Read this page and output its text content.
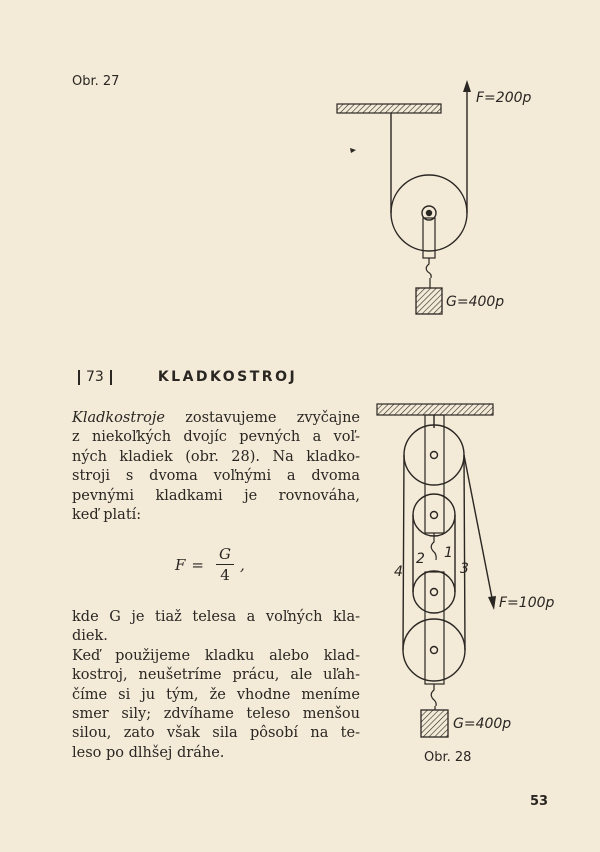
F=200p
G=400p
4
2 1
3
F=100p
G=400p
Obr. 27
Obr. 28
73	KLADKOSTROJ
Kladkostroje zostavujeme zvyčajne
z niekoľkých dvojíc pevných a voľ-
ných kladiek (obr. 28). Na kladko-
stroji s dvoma voľnými a dvoma
pevnými kladkami je rovnováha,
keď platí:
$F = \frac{G}{4}$ ,
kde G je tiaž telesa a voľných kla-
diek.
Keď použijeme kladku alebo klad-
kostroj, neušetríme prácu, ale uľah-
číme si ju tým, že vhodne meníme
smer sily; zdvíhame teleso menšou
silou, zato však sila pôsobí na te-
leso po dlhšej dráhe.
53
